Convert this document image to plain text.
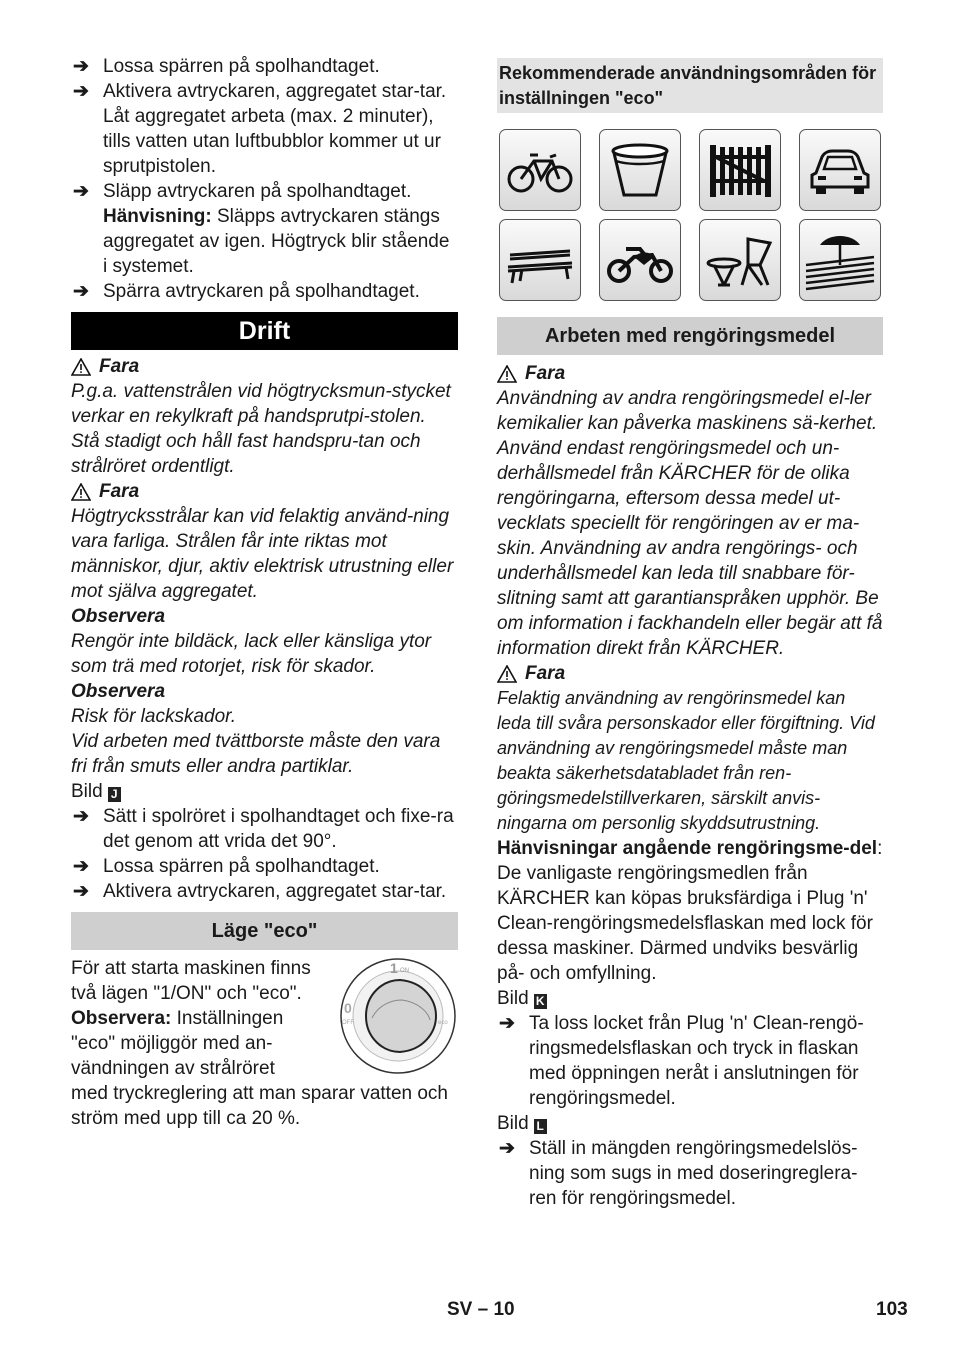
➔ Lossa spärren på spolhandtaget.

➔ Aktivera avtryckaren, aggregatet star-tar.

Låt aggregatet arbeta (max. 2 minuter), tills vatten utan luftbubblor kommer ut ur sprutpistolen.

➔ Släpp avtryckaren på spolhandtaget.

Hänvisning: Släpps avtryckaren stängs aggregatet av igen. Högtryck blir stående i systemet.

➔ Spärra avtryckaren på spolhandtaget.

Drift
Fara

P.g.a. vattenstrålen vid högtrycksmun-stycket verkar en rekylkraft på handsprutpi-stolen. Stå stadigt och håll fast handspru-tan och strålröret ordentligt.

Fara

Högtrycksstrålar kan vid felaktig använd-ning vara farliga. Strålen får inte riktas mot människor, djur, aktiv elektrisk utrustning eller mot själva aggregatet.

Observera

Rengör inte bildäck, lack eller känsliga ytor som trä med rotorjet, risk för skador.

Observera

Risk för lackskador.

Vid arbeten med tvättborste måste den vara fri från smuts eller andra partiklar.

Bild J

➔ Sätt i spolröret i spolhandtaget och fixe-ra det genom att vrida det 90°.

➔ Lossa spärren på spolhandtaget.

➔ Aktivera avtryckaren, aggregatet star-tar.

Läge "eco"
1 ON
0
OFF	eco

För att starta maskinen finns två lägen "1/ON" och "eco".

Observera: Inställningen "eco" möjliggör med an-vändningen av strålröret

med tryckreglering att man sparar vatten och ström med upp till ca 20 %.

Rekommenderade användningsområden för inställningen "eco"
Arbeten med rengöringsmedel
Fara

Användning av andra rengöringsmedel el-ler kemikalier kan påverka maskinens sä-kerhet.

Använd endast rengöringsmedel och un-derhållsmedel från KÄRCHER för de olika rengöringarna, eftersom dessa medel ut-vecklats speciellt för rengöringen av er ma-skin. Användning av andra rengörings- och underhållsmedel kan leda till snabbare för-slitning samt att garantianspråken upphör. Be om information i fackhandeln eller begär att få information direkt från KÄRCHER.

Fara

Felaktig användning av rengörinsmedel kan leda till svåra personskador eller förgiftning. Vid användning av rengöringsmedel måste man beakta säkerhetsdatabladet från ren-göringsmedelstillverkaren, särskilt anvis-ningarna om personlig skyddsutrustning.

Hänvisningar angående rengöringsme-del: De vanligaste rengöringsmedlen från KÄRCHER kan köpas bruksfärdiga i Plug 'n' Clean-rengöringsmedelsflaskan med lock för dessa maskiner. Därmed undviks besvärlig på- och omfyllning.

Bild K

➔ Ta loss locket från Plug 'n' Clean-rengö-ringsmedelsflaskan och tryck in flaskan med öppningen neråt i anslutningen för rengöringsmedel.

Bild L

➔ Ställ in mängden rengöringsmedelslös-ning som sugs in med doseringreglera-ren för rengöringsmedel.

SV – 10	103
